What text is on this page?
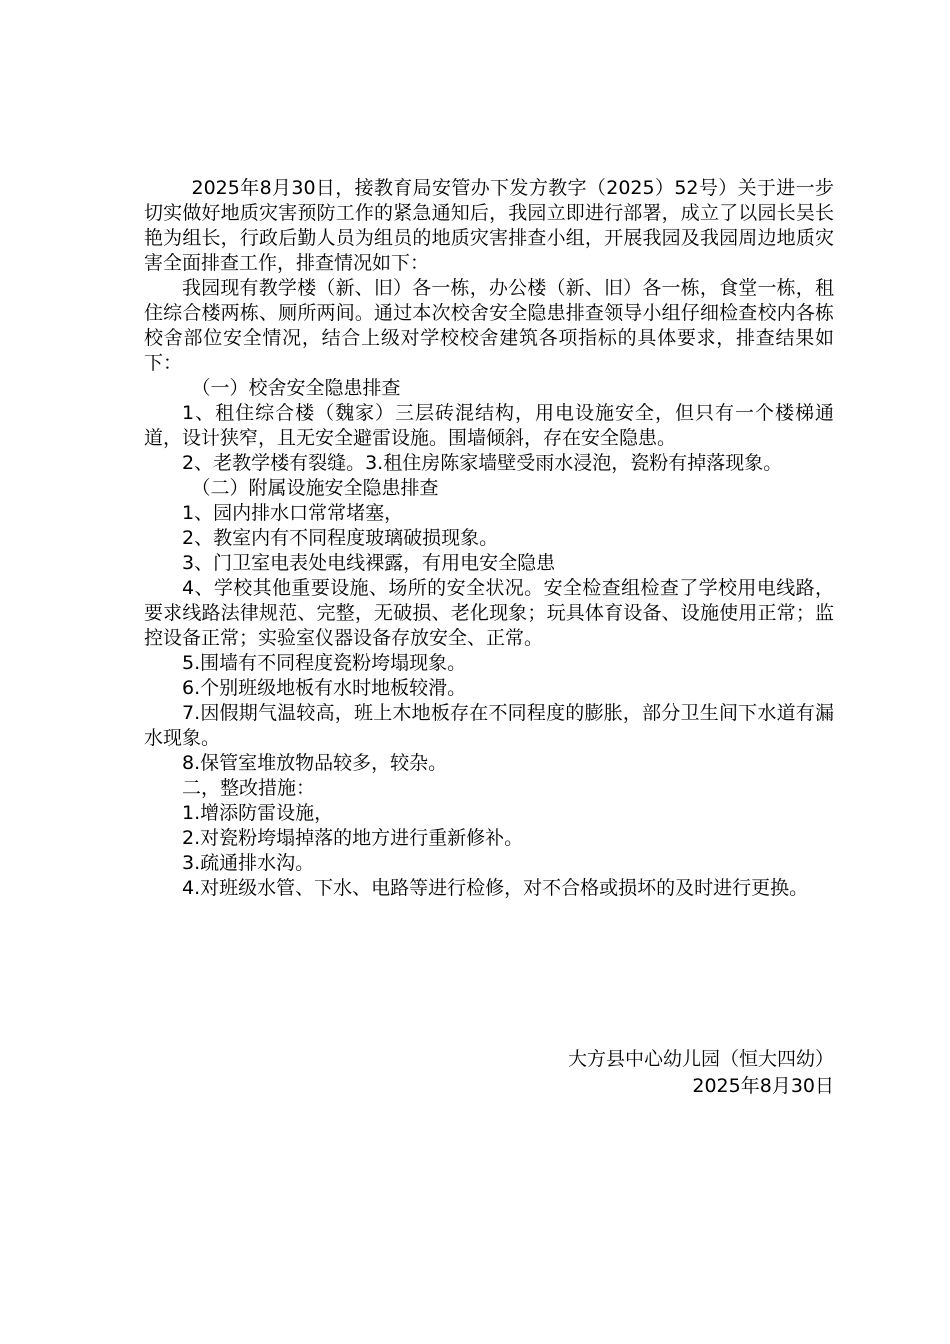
2025年8月30日，接教育局安管办下发方教字（2025）52号）关于进一步切实做好地质灾害预防工作的紧急通知后，我园立即进行部署，成立了以园长吴长艳为组长，行政后勤人员为组员的地质灾害排查小组，开展我园及我园周边地质灾害全面排查工作，排查情况如下：

我园现有教学楼（新、旧）各一栋，办公楼（新、旧）各一栋，食堂一栋，租住综合楼两栋、厕所两间。通过本次校舍安全隐患排查领导小组仔细检查校内各栋校舍部位安全情况，结合上级对学校校舍建筑各项指标的具体要求，排查结果如下：

（一）校舍安全隐患排查

1、租住综合楼（魏家）三层砖混结构，用电设施安全，但只有一个楼梯通道，设计狭窄，且无安全避雷设施。围墙倾斜，存在安全隐患。

2、老教学楼有裂缝。3.租住房陈家墙壁受雨水浸泡，瓷粉有掉落现象。

（二）附属设施安全隐患排查

1、园内排水口常常堵塞，

2、教室内有不同程度玻璃破损现象。

3、门卫室电表处电线裸露，有用电安全隐患

4、学校其他重要设施、场所的安全状况。安全检查组检查了学校用电线路，要求线路法律规范、完整，无破损、老化现象；玩具体育设备、设施使用正常；监控设备正常；实验室仪器设备存放安全、正常。

5.围墙有不同程度瓷粉垮塌现象。

6.个别班级地板有水时地板较滑。

7.因假期气温较高，班上木地板存在不同程度的膨胀，部分卫生间下水道有漏水现象。

8.保管室堆放物品较多，较杂。

二，整改措施：

1.增添防雷设施，

2.对瓷粉垮塌掉落的地方进行重新修补。

3.疏通排水沟。

4.对班级水管、下水、电路等进行检修，对不合格或损坏的及时进行更换。

大方县中心幼儿园（恒大四幼）
2025年8月30日
